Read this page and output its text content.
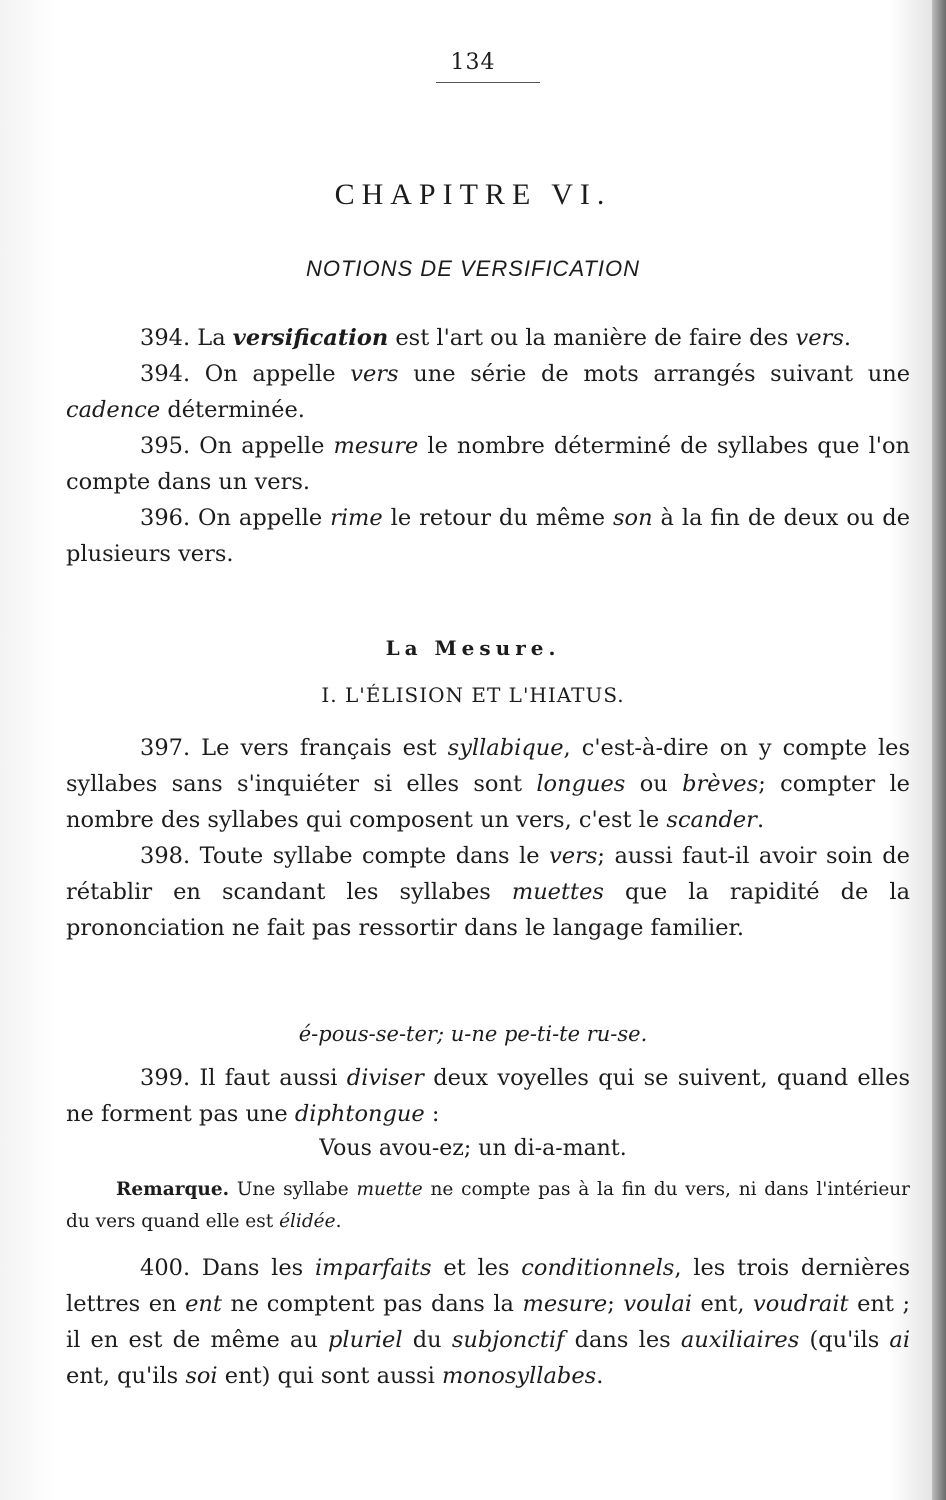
134
CHAPITRE VI.
NOTIONS DE VERSIFICATION

394. La versification est l'art ou la manière de faire des vers.

394. On appelle vers une série de mots arrangés suivant une cadence déterminée.

395. On appelle mesure le nombre déterminé de syllabes que l'on compte dans un vers.

396. On appelle rime le retour du même son à la fin de deux ou de plusieurs vers.

La Mesure.
I. L'ÉLISION ET L'HIATUS.

397. Le vers français est syllabique, c'est-à-dire on y compte les syllabes sans s'inquiéter si elles sont longues ou brèves; compter le nombre des syllabes qui composent un vers, c'est le scander.

398. Toute syllabe compte dans le vers; aussi faut-il avoir soin de rétablir en scandant les syllabes muettes que la rapidité de la prononciation ne fait pas ressortir dans le langage familier.

é-pous-se-ter; u-ne pe-ti-te ru-se.

399. Il faut aussi diviser deux voyelles qui se suivent, quand elles ne forment pas une diphtongue :

Vous avou-ez; un di-a-mant.
Remarque. Une syllabe muette ne compte pas à la fin du vers, ni dans l'intérieur du vers quand elle est élidée.

400. Dans les imparfaits et les conditionnels, les trois dernières lettres en ent ne comptent pas dans la mesure; voulai ent, voudrait ent ; il en est de même au pluriel du subjonctif dans les auxiliaires (qu'ils ai ent, qu'ils soi ent) qui sont aussi monosyllabes.
